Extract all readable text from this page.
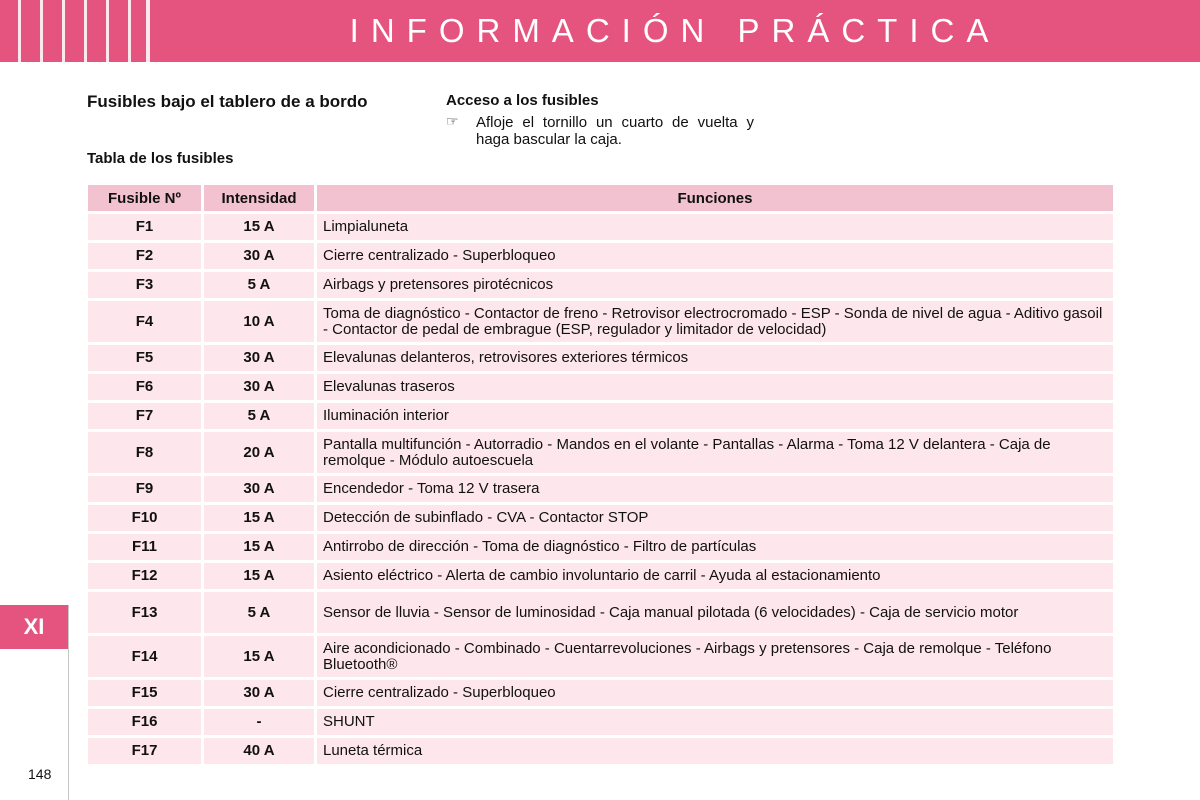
INFORMACIÓN PRÁCTICA
Fusibles bajo el tablero de a bordo
Tabla de los fusibles
Acceso a los fusibles
☞ Afloje el tornillo un cuarto de vuelta y haga bascular la caja.
Fusible Nº	Intensidad	Funciones
F1	15 A	Limpialuneta
F2	30 A	Cierre centralizado - Superbloqueo
F3	5 A	Airbags y pretensores pirotécnicos
F4	10 A	Toma de diagnóstico - Contactor de freno - Retrovisor electrocromado - ESP - Sonda de nivel de agua - Aditivo gasoil - Contactor de pedal de embrague (ESP, regulador y limitador de velocidad)
F5	30 A	Elevalunas delanteros, retrovisores exteriores térmicos
F6	30 A	Elevalunas traseros
F7	5 A	Iluminación interior
F8	20 A	Pantalla multifunción - Autorradio - Mandos en el volante - Pantallas - Alarma - Toma 12 V delantera - Caja de remolque - Módulo autoescuela
F9	30 A	Encendedor - Toma 12 V trasera
F10	15 A	Detección de subinflado - CVA - Contactor STOP
F11	15 A	Antirrobo de dirección - Toma de diagnóstico - Filtro de partículas
F12	15 A	Asiento eléctrico - Alerta de cambio involuntario de carril - Ayuda al estacionamiento
F13	5 A	Sensor de lluvia - Sensor de luminosidad - Caja manual pilotada (6 velocidades) - Caja de servicio motor
F14	15 A	Aire acondicionado - Combinado - Cuentarrevoluciones - Airbags y pretensores - Caja de remolque - Teléfono Bluetooth®
F15	30 A	Cierre centralizado - Superbloqueo
F16	-	SHUNT
F17	40 A	Luneta térmica
XI
148
